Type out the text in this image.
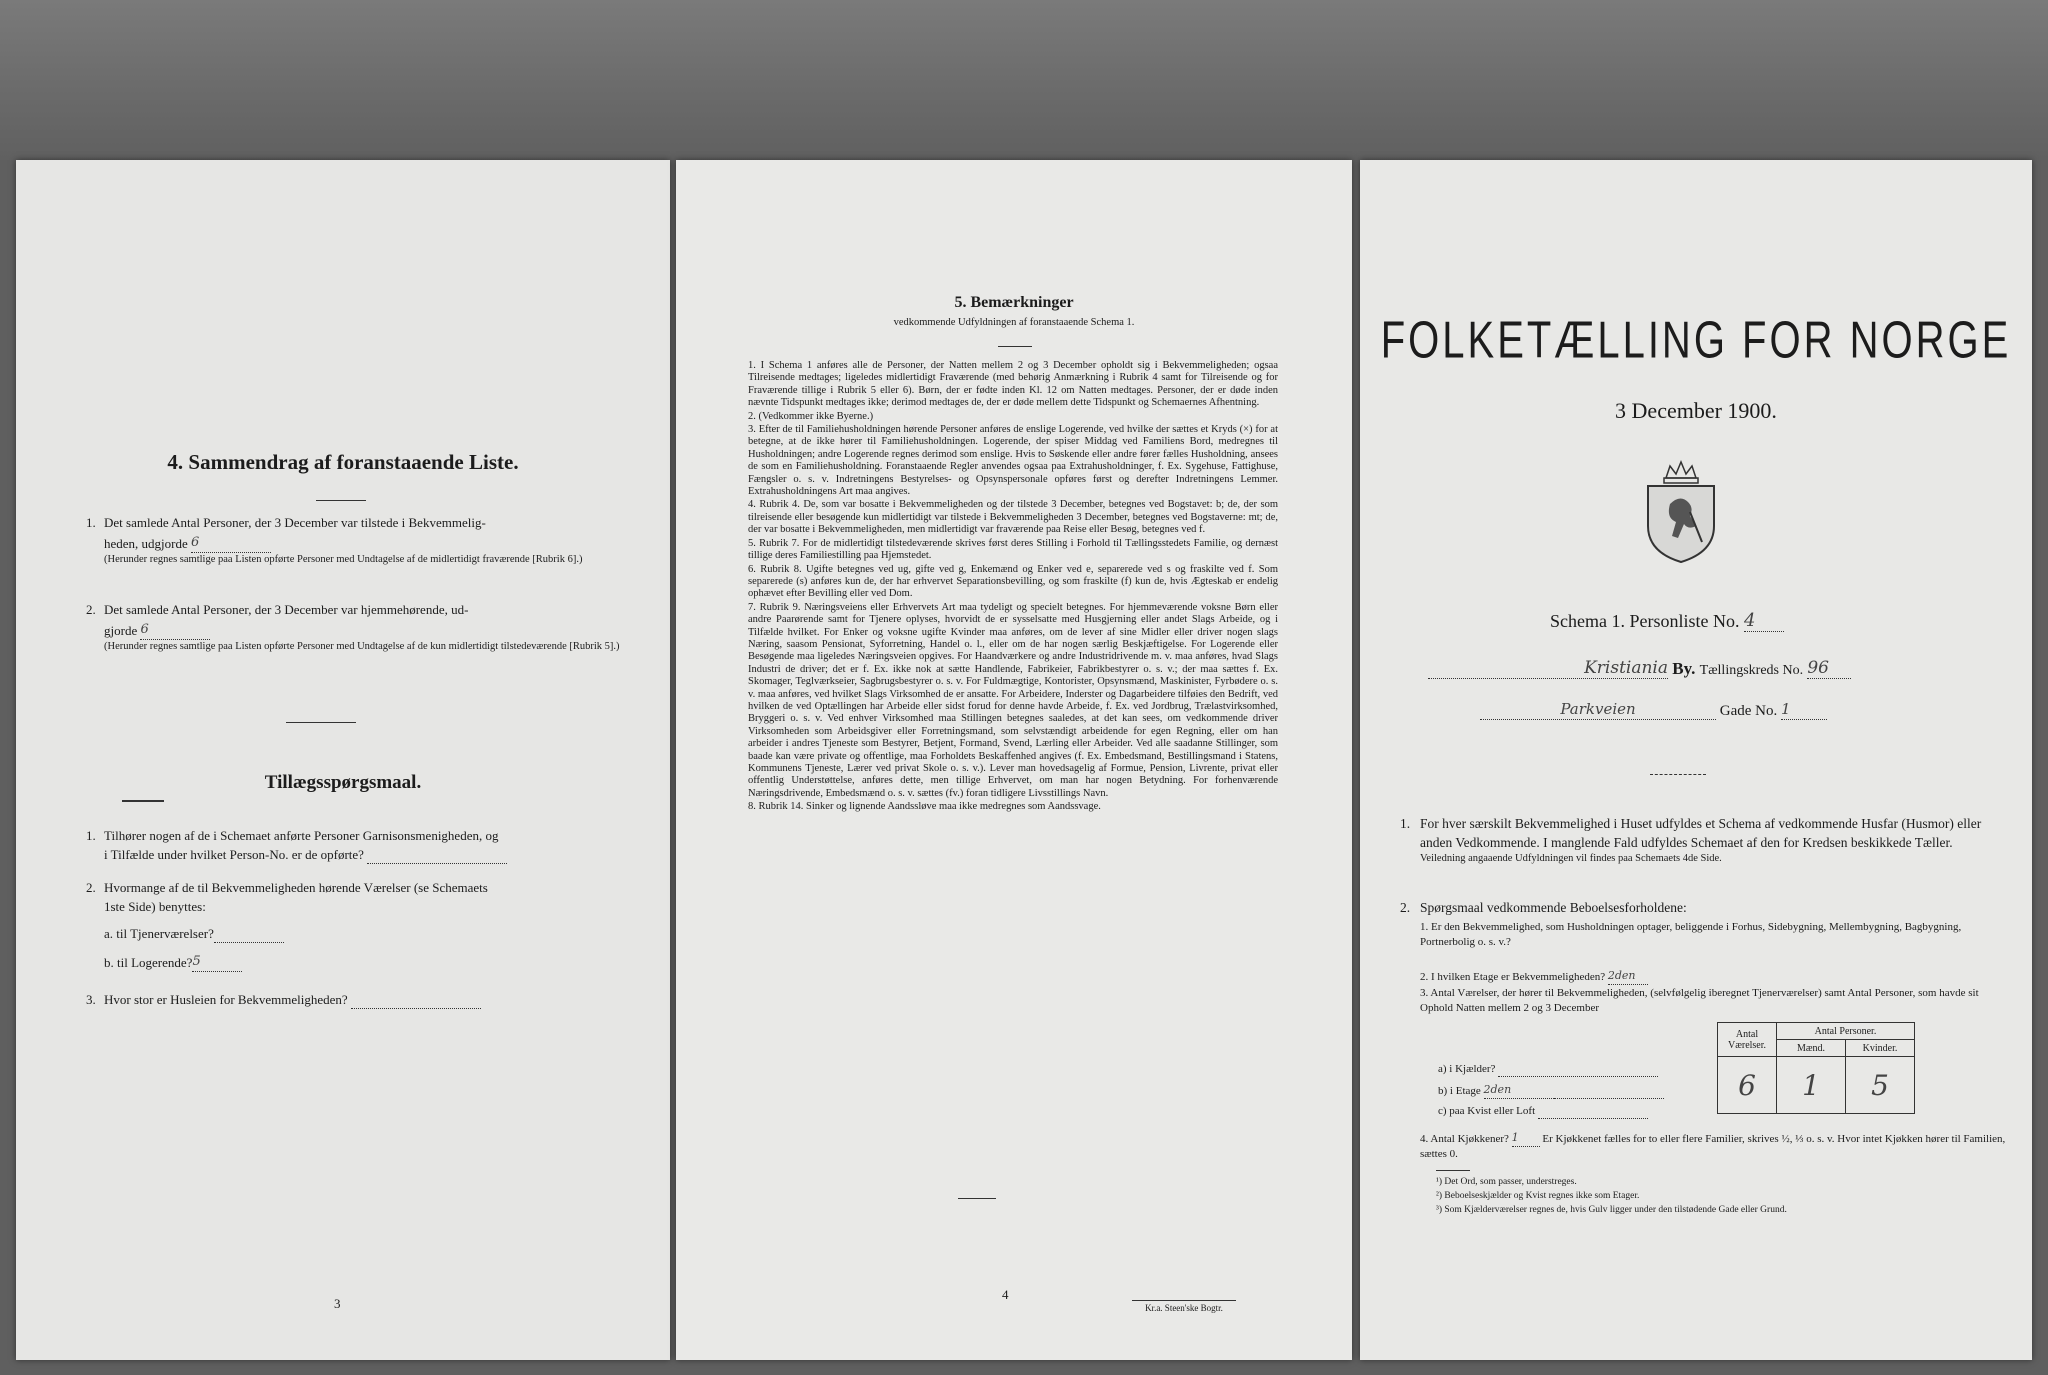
4. Sammendrag af foranstaaende Liste.
1. Det samlede Antal Personer, der 3 December var tilstede i Bekvemmelig-
heden, udgjorde 6
(Herunder regnes samtlige paa Listen opførte Personer med Undtagelse af de midlertidigt fraværende [Rubrik 6].)
2. Det samlede Antal Personer, der 3 December var hjemmehørende, ud-
gjorde 6
(Herunder regnes samtlige paa Listen opførte Personer med Undtagelse af de kun midlertidigt tilstedeværende [Rubrik 5].)
Tillægsspørgsmaal.
1. Tilhører nogen af de i Schemaet anførte Personer Garnisonsmenigheden, og
i Tilfælde under hvilket Person-No. er de opførte?
2. Hvormange af de til Bekvemmeligheden hørende Værelser (se Schemaets
1ste Side) benyttes:
a. til Tjenerværelser?
b. til Logerende?5
3. Hvor stor er Husleien for Bekvemmeligheden?
3
5. Bemærkninger
vedkommende Udfyldningen af foranstaaende Schema 1.

1. I Schema 1 anføres alle de Personer, der Natten mellem 2 og 3 December opholdt sig i Bekvemmeligheden; ogsaa Tilreisende medtages; ligeledes midlertidigt Fraværende (med behørig Anmærkning i Rubrik 4 samt for Tilreisende og for Fraværende tillige i Rubrik 5 eller 6). Børn, der er fødte inden Kl. 12 om Natten medtages. Personer, der er døde inden nævnte Tidspunkt medtages ikke; derimod medtages de, der er døde mellem dette Tidspunkt og Schemaernes Afhentning.

2. (Vedkommer ikke Byerne.)

3. Efter de til Familiehusholdningen hørende Personer anføres de enslige Logerende, ved hvilke der sættes et Kryds (×) for at betegne, at de ikke hører til Familiehusholdningen. Logerende, der spiser Middag ved Familiens Bord, medregnes til Husholdningen; andre Logerende regnes derimod som enslige. Hvis to Søskende eller andre fører fælles Husholdning, ansees de som en Familiehusholdning. Foranstaaende Regler anvendes ogsaa paa Extrahusholdninger, f. Ex. Sygehuse, Fattighuse, Fængsler o. s. v. Indretningens Bestyrelses- og Opsynspersonale opføres først og derefter Indretningens Lemmer. Extrahusholdningens Art maa angives.

4. Rubrik 4. De, som var bosatte i Bekvemmeligheden og der tilstede 3 December, betegnes ved Bogstavet: b; de, der som tilreisende eller besøgende kun midlertidigt var tilstede i Bekvemmeligheden 3 December, betegnes ved Bogstaverne: mt; de, der var bosatte i Bekvemmeligheden, men midlertidigt var fraværende paa Reise eller Besøg, betegnes ved f.

5. Rubrik 7. For de midlertidigt tilstedeværende skrives først deres Stilling i Forhold til Tællingsstedets Familie, og dernæst tillige deres Familiestilling paa Hjemstedet.

6. Rubrik 8. Ugifte betegnes ved ug, gifte ved g, Enkemænd og Enker ved e, separerede ved s og fraskilte ved f. Som separerede (s) anføres kun de, der har erhvervet Separationsbevilling, og som fraskilte (f) kun de, hvis Ægteskab er endelig ophævet efter Bevilling eller ved Dom.

7. Rubrik 9. Næringsveiens eller Erhvervets Art maa tydeligt og specielt betegnes. For hjemmeværende voksne Børn eller andre Paarørende samt for Tjenere oplyses, hvorvidt de er sysselsatte med Husgjerning eller andet Slags Arbeide, og i Tilfælde hvilket. For Enker og voksne ugifte Kvinder maa anføres, om de lever af sine Midler eller driver nogen slags Næring, saasom Pensionat, Syforretning, Handel o. l., eller om de har nogen særlig Beskjæftigelse. For Logerende eller Besøgende maa ligeledes Næringsveien opgives. For Haandværkere og andre Industridrivende m. v. maa anføres, hvad Slags Industri de driver; det er f. Ex. ikke nok at sætte Handlende, Fabrikeier, Fabrikbestyrer o. s. v.; der maa sættes f. Ex. Skomager, Teglværkseier, Sagbrugsbestyrer o. s. v. For Fuldmægtige, Kontorister, Opsynsmænd, Maskinister, Fyrbødere o. s. v. maa anføres, ved hvilket Slags Virksomhed de er ansatte. For Arbeidere, Inderster og Dagarbeidere tilføies den Bedrift, ved hvilken de ved Optællingen har Arbeide eller sidst forud for denne havde Arbeide, f. Ex. ved Jordbrug, Trælastvirksomhed, Bryggeri o. s. v. Ved enhver Virksomhed maa Stillingen betegnes saaledes, at det kan sees, om vedkommende driver Virksomheden som Arbeidsgiver eller Forretningsmand, som selvstændigt arbeidende for egen Regning, eller om han arbeider i andres Tjeneste som Bestyrer, Betjent, Formand, Svend, Lærling eller Arbeider. Ved alle saadanne Stillinger, som baade kan være private og offentlige, maa Forholdets Beskaffenhed angives (f. Ex. Embedsmand, Bestillingsmand i Statens, Kommunens Tjeneste, Lærer ved privat Skole o. s. v.). Lever man hovedsagelig af Formue, Pension, Livrente, privat eller offentlig Understøttelse, anføres dette, men tillige Erhvervet, om man har nogen Betydning. For forhenværende Næringsdrivende, Embedsmænd o. s. v. sættes (fv.) foran tidligere Livsstillings Navn.

8. Rubrik 14. Sinker og lignende Aandssløve maa ikke medregnes som Aandssvage.

4
Kr.a. Steen'ske Bogtr.
FOLKETÆLLING FOR NORGE
3 December 1900.
Schema 1. Personliste No. 4
Kristiania By. Tællingskreds No. 96
Parkveien	Gade No. 1
1. For hver særskilt Bekvemmelighed i Huset udfyldes et Schema af vedkommende Husfar (Husmor) eller anden Vedkommende. I manglende Fald udfyldes Schemaet af den for Kredsen beskikkede Tæller.
Veiledning angaaende Udfyldningen vil findes paa Schemaets 4de Side.
2. Spørgsmaal vedkommende Beboelsesforholdene:
1. Er den Bekvemmelighed, som Husholdningen optager, beliggende i Forhus, Sidebygning, Mellembygning, Bagbygning, Portnerbolig o. s. v.?
2. I hvilken Etage er Bekvemmeligheden? 2den
3. Antal Værelser, der hører til Bekvemmeligheden, (selvfølgelig iberegnet Tjenerværelser) samt Antal Personer, som havde sit Ophold Natten mellem 2 og 3 December
Antal Værelser.	Antal Personer.	
	Mænd.	Kvinder.
6	1	5
a) i Kjælder?
b) i Etage 2den
c) paa Kvist eller Loft
4. Antal Kjøkkener? 1 Er Kjøkkenet fælles for to eller flere Familier, skrives ½, ⅓ o. s. v. Hvor intet Kjøkken hører til Familien, sættes 0.
¹) Det Ord, som passer, understreges.
²) Beboelseskjælder og Kvist regnes ikke som Etager.
³) Som Kjælderværelser regnes de, hvis Gulv ligger under den tilstødende Gade eller Grund.
